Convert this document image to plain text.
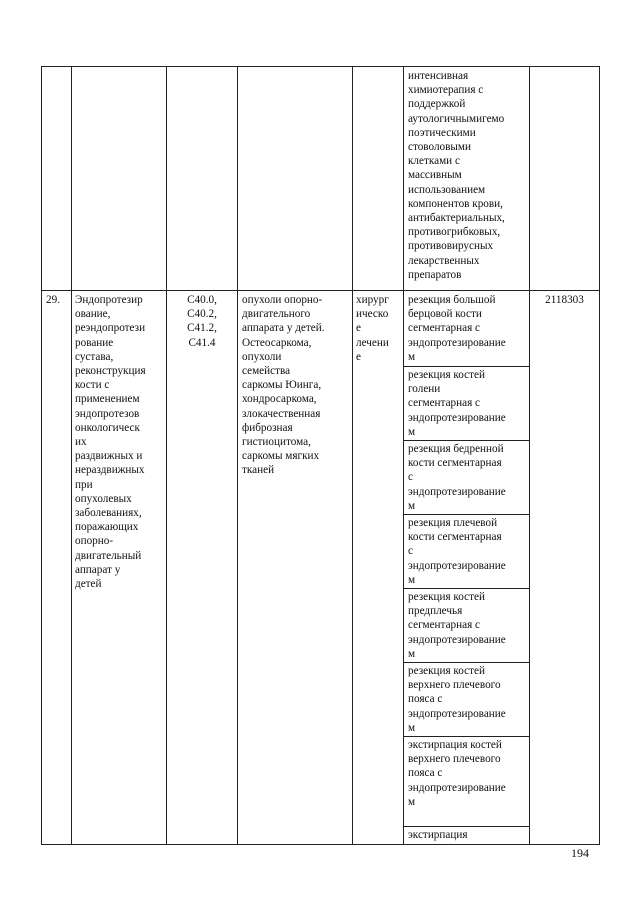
интенсивная
химиотерапия с
поддержкой
аутологичнымигемо
поэтическими
стоволовыми
клетками с
массивным
использованием
компонентов крови,
антибактериальных,
противогрибковых,
противовирусных
лекарственных
препаратов
29.	Эндопротезир
ование,
реэндопротези
рование
сустава,
реконструкция
кости с
применением
эндопротезов
онкологическ
их
раздвижных и
нераздвижных
при
опухолевых
заболеваниях,
поражающих
опорно-
двигательный
аппарат у
детей
C40.0,
C40.2,
C41.2,
C41.4
опухоли опорно-
двигательного
аппарата у детей.
Остеосаркома,
опухоли
семейства
саркомы Юинга,
хондросаркома,
злокачественная
фиброзная
гистиоцитома,
саркомы мягких
тканей
хирург
ическо
е
лечени
е
резекция большой
берцовой кости
сегментарная с
эндопротезирование
м
резекция костей
голени
сегментарная с
эндопротезирование
м
резекция бедренной
кости сегментарная
с
эндопротезирование
м
резекция плечевой
кости сегментарная
с
эндопротезирование
м
резекция костей
предплечья
сегментарная с
эндопротезирование
м
резекция костей
верхнего плечевого
пояса с
эндопротезирование
м
экстирпация костей
верхнего плечевого
пояса с
эндопротезирование
м
экстирпация
2118303
194
